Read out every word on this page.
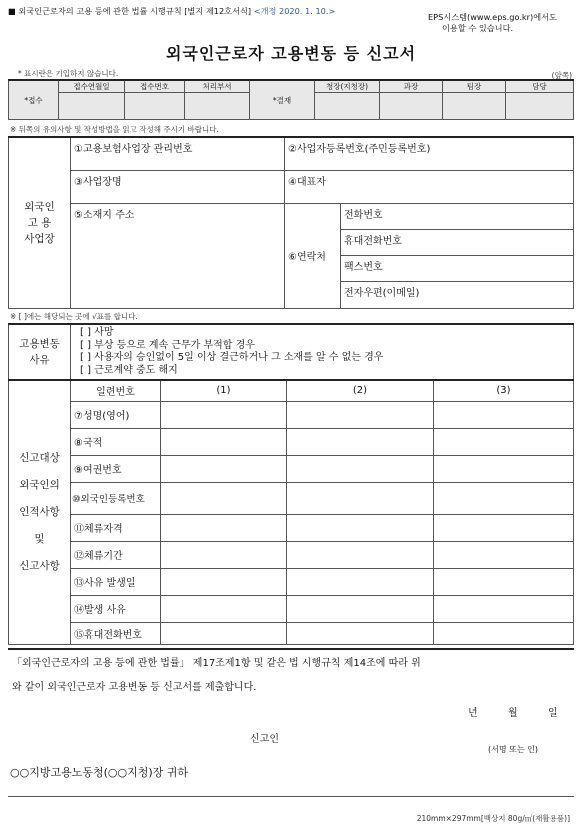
■ 외국인근로자의 고용 등에 관한 법률 시행규칙 [별지 제12호서식] <개정 2020. 1. 10.>
EPS시스템(www.eps.go.kr)에서도
이용할 수 있습니다.
외국인근로자 고용변동 등 신고서
* 표시란은 기입하지 않습니다.	(앞쪽)
*접수	접수연월일	접수번호	처리부서	*결재	청장(지청장)	과장	팀장	담당

※ 뒤쪽의 유의사항 및 작성방법을 읽고 작성해 주시기 바랍니다.
외국인
고 용
사업장	①고용보험사업장 관리번호	②사업자등록번호(주민등록번호)	
	③사업장명	④대표자	
	⑤소재지 주소	⑥연락처	전화번호

			휴대전화번호
팩스번호
전자우편(이메일)
※ [ ]에는 해당되는 곳에 √표를 합니다.
고용변동
사유

[ ] 사망
[ ] 부상 등으로 계속 근무가 부적합 경우
[ ] 사용자의 승인없이 5일 이상 결근하거나 그 소재를 알 수 없는 경우
[ ] 근로계약 중도 해지
신고대상
외국인의
인적사항
및
신고사항	일련번호	(1)	(2)	(3)
	⑦성명(영어)			
	⑧국적			
	⑨여권번호			
	⑩외국인등록번호			
	⑪체류자격			
	⑫체류기간			
	⑬사유 발생일			
	⑭발생 사유			
	⑮휴대전화번호			
「외국인근로자의 고용 등에 관한 법률」 제17조제1항 및 같은 법 시행규칙 제14조에 따라 위
와 같이 외국인근로자 고용변동 등 신고서를 제출합니다.
년	월	일
신고인
(서명 또는 인)
○○지방고용노동청(○○지청)장 귀하
210mm×297mm[백상지 80g/㎡(재활용품)]
